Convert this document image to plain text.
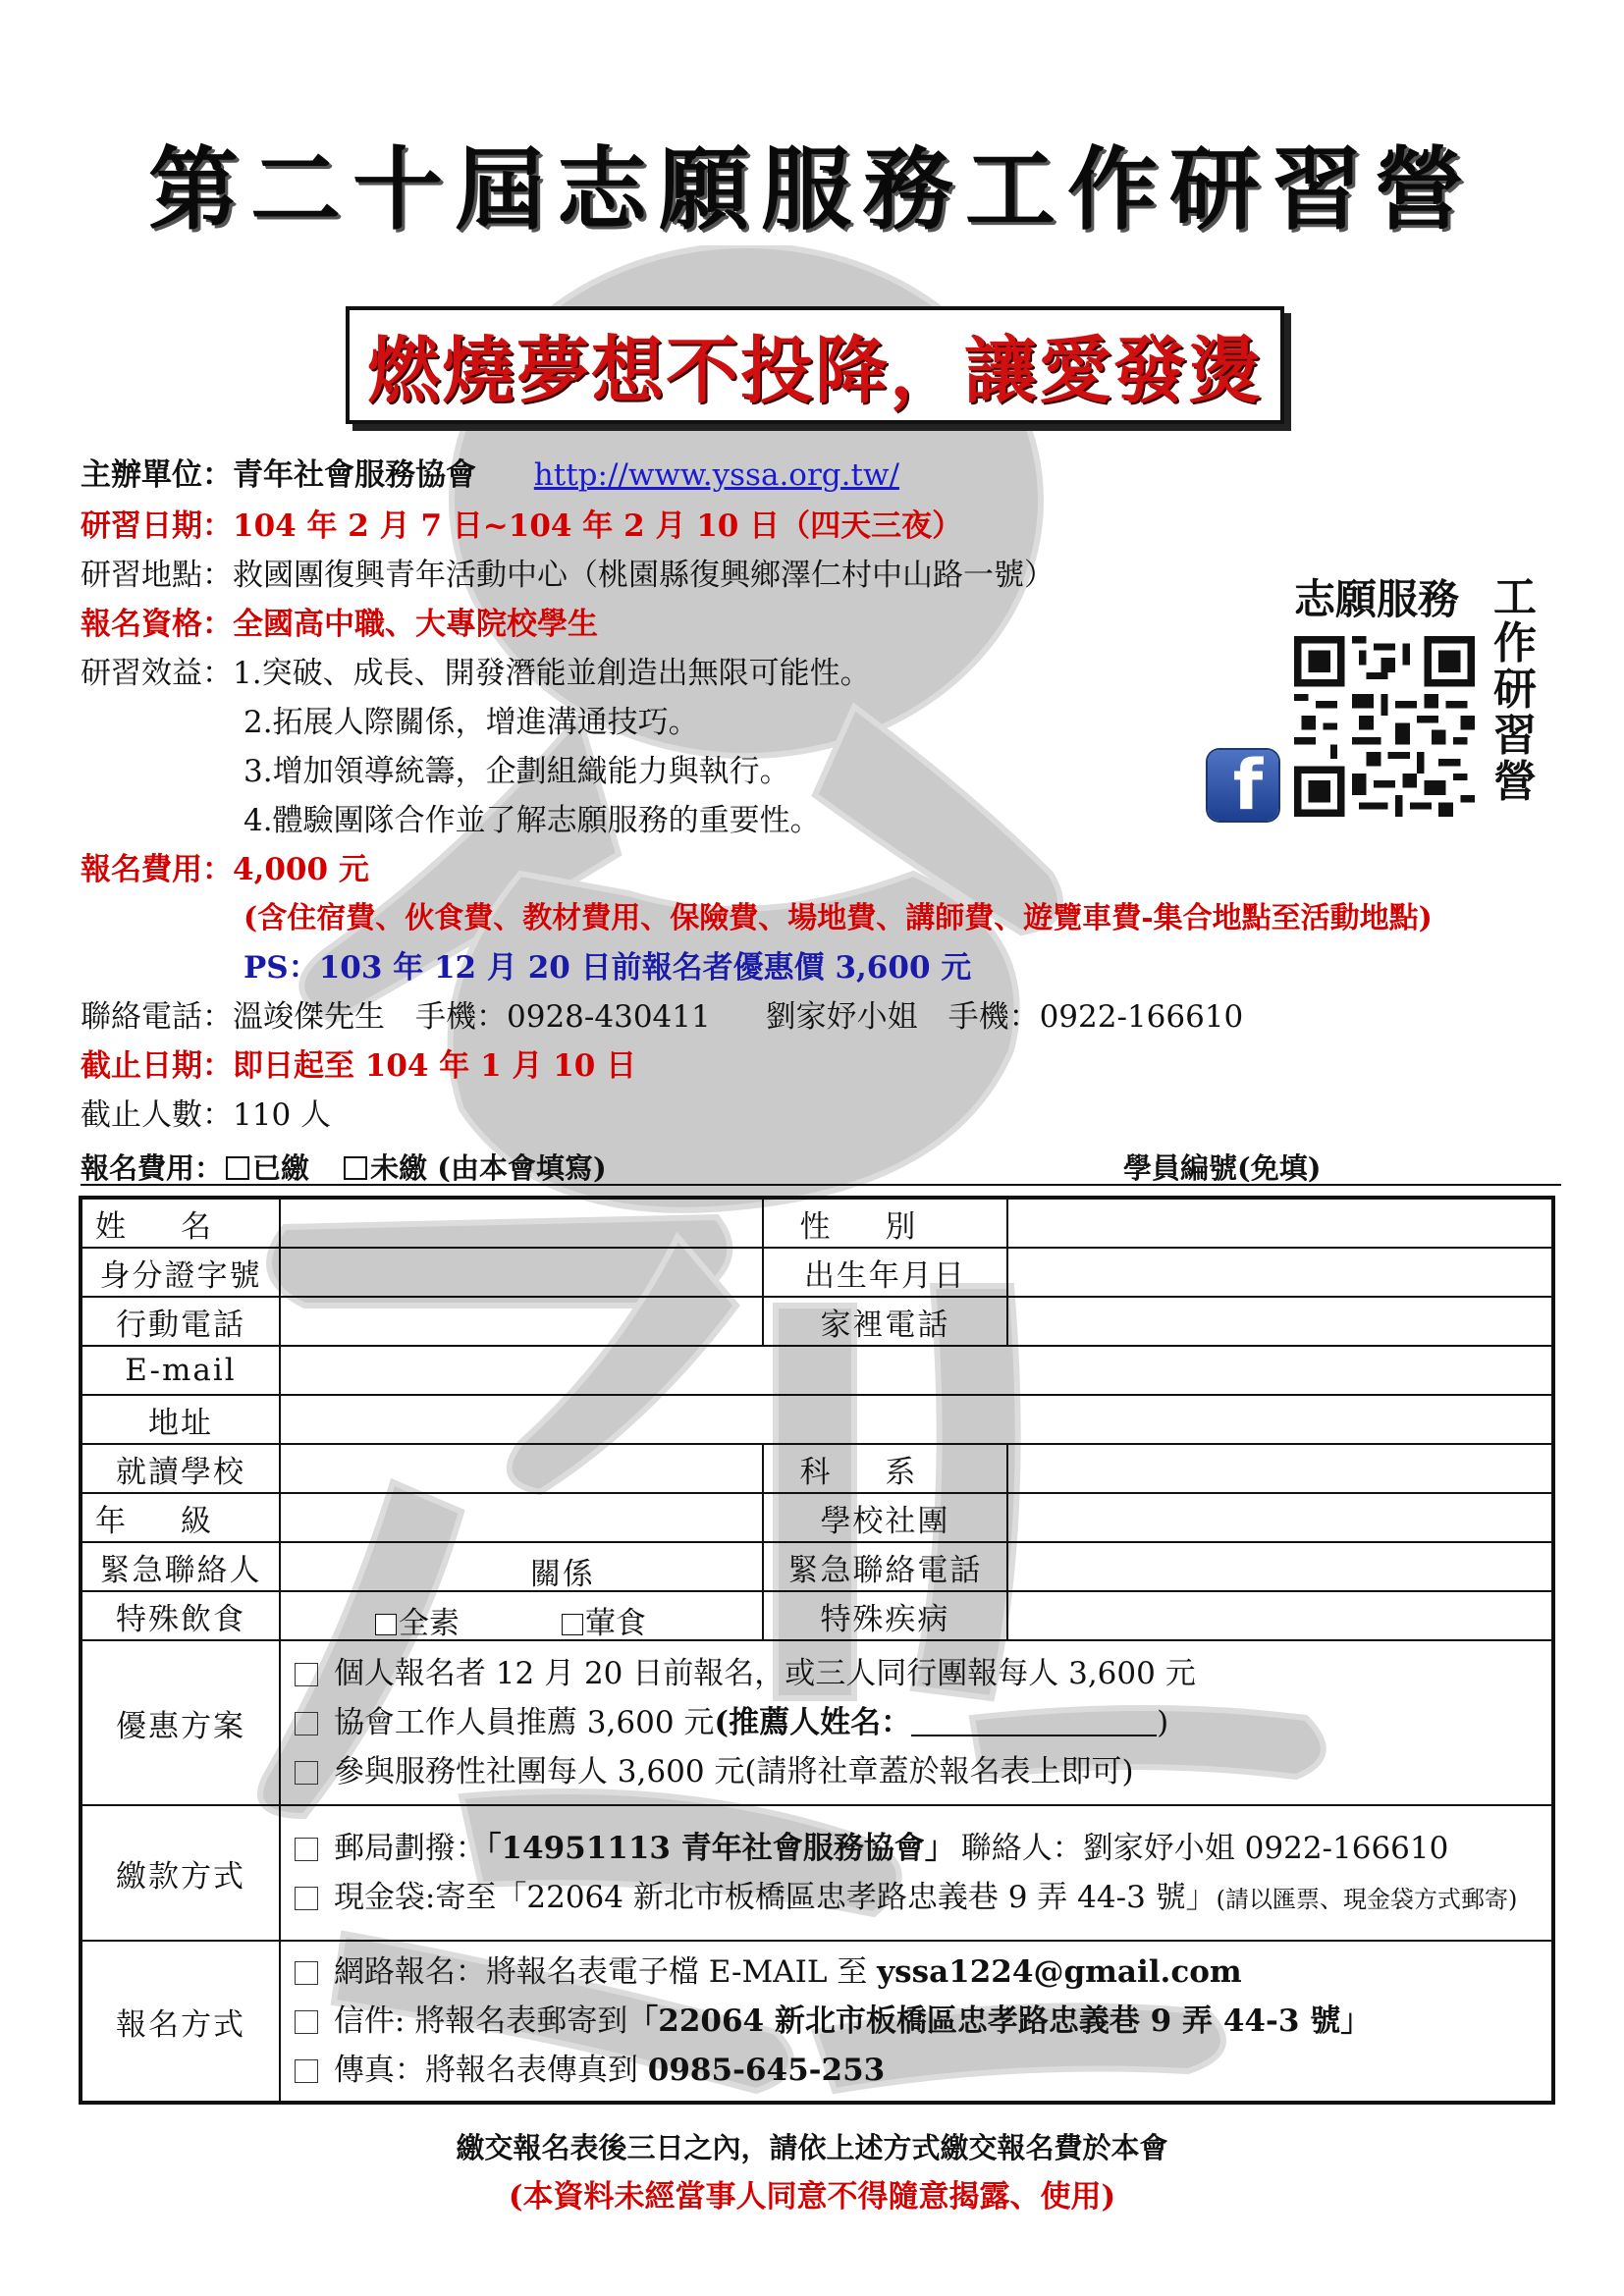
第二十屆志願服務工作研習營
燃燒夢想不投降，讓愛發燙
主辦單位：青年社會服務協會 http://www.yssa.org.tw/
研習日期：104 年 2 月 7 日~104 年 2 月 10 日（四天三夜）
研習地點：救國團復興青年活動中心（桃園縣復興鄉澤仁村中山路一號）
報名資格：全國高中職、大專院校學生
研習效益：1.突破、成長、開發潛能並創造出無限可能性。
2.拓展人際關係，增進溝通技巧。
3.增加領導統籌，企劃組織能力與執行。
4.體驗團隊合作並了解志願服務的重要性。
報名費用：4,000 元
(含住宿費、伙食費、教材費用、保險費、場地費、講師費、遊覽車費-集合地點至活動地點)
PS：103 年 12 月 20 日前報名者優惠價 3,600 元
聯絡電話：溫竣傑先生　手機：0928-430411 劉家妤小姐　手機：0922-166610
截止日期：即日起至 104 年 1 月 10 日
截止人數：110 人
志願服務 工
作
研
習
營
f
報名費用： 已繳 未繳 (由本會填寫)	學員編號(免填)
姓名		性別	
身分證字號		出生年月日	
行動電話		家裡電話	
E-mail			
地址			
就讀學校		科系	
年級		學校社團	
緊急聯絡人	關係	緊急聯絡電話	
特殊飲食	全素 葷食	特殊疾病	
優惠方案	個人報名者 12 月 20 日前報名，或三人同行團報每人 3,600 元
協會工作人員推薦 3,600 元(推薦人姓名： )
參與服務性社團每人 3,600 元(請將社章蓋於報名表上即可)		

繳款方式	郵局劃撥：「14951113 青年社會服務協會」 聯絡人：劉家妤小姐 0922-166610
現金袋:寄至「22064 新北市板橋區忠孝路忠義巷 9 弄 44-3 號」(請以匯票、現金袋方式郵寄)		

報名方式	網路報名：將報名表電子檔 E-MAIL 至 yssa1224@gmail.com
信件: 將報名表郵寄到「22064 新北市板橋區忠孝路忠義巷 9 弄 44-3 號」
傳真：將報名表傳真到 0985-645-253		
繳交報名表後三日之內，請依上述方式繳交報名費於本會
(本資料未經當事人同意不得隨意揭露、使用)
